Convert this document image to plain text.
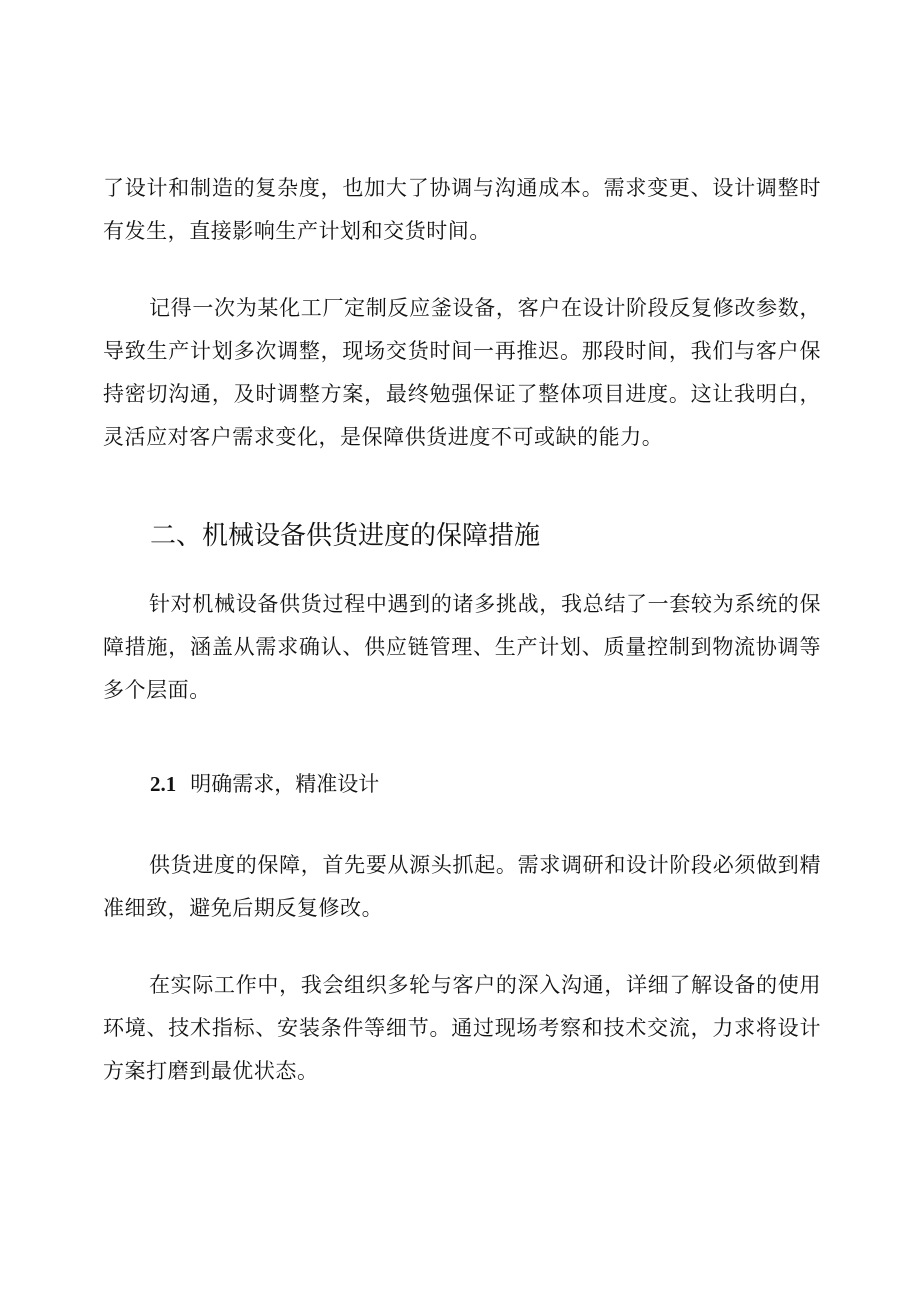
了设计和制造的复杂度，也加大了协调与沟通成本。需求变更、设计调整时有发生，直接影响生产计划和交货时间。

记得一次为某化工厂定制反应釜设备，客户在设计阶段反复修改参数，导致生产计划多次调整，现场交货时间一再推迟。那段时间，我们与客户保持密切沟通，及时调整方案，最终勉强保证了整体项目进度。这让我明白，灵活应对客户需求变化，是保障供货进度不可或缺的能力。

二、机械设备供货进度的保障措施

针对机械设备供货过程中遇到的诸多挑战，我总结了一套较为系统的保障措施，涵盖从需求确认、供应链管理、生产计划、质量控制到物流协调等多个层面。

2.1 明确需求，精准设计

供货进度的保障，首先要从源头抓起。需求调研和设计阶段必须做到精准细致，避免后期反复修改。

在实际工作中，我会组织多轮与客户的深入沟通，详细了解设备的使用环境、技术指标、安装条件等细节。通过现场考察和技术交流，力求将设计方案打磨到最优状态。
